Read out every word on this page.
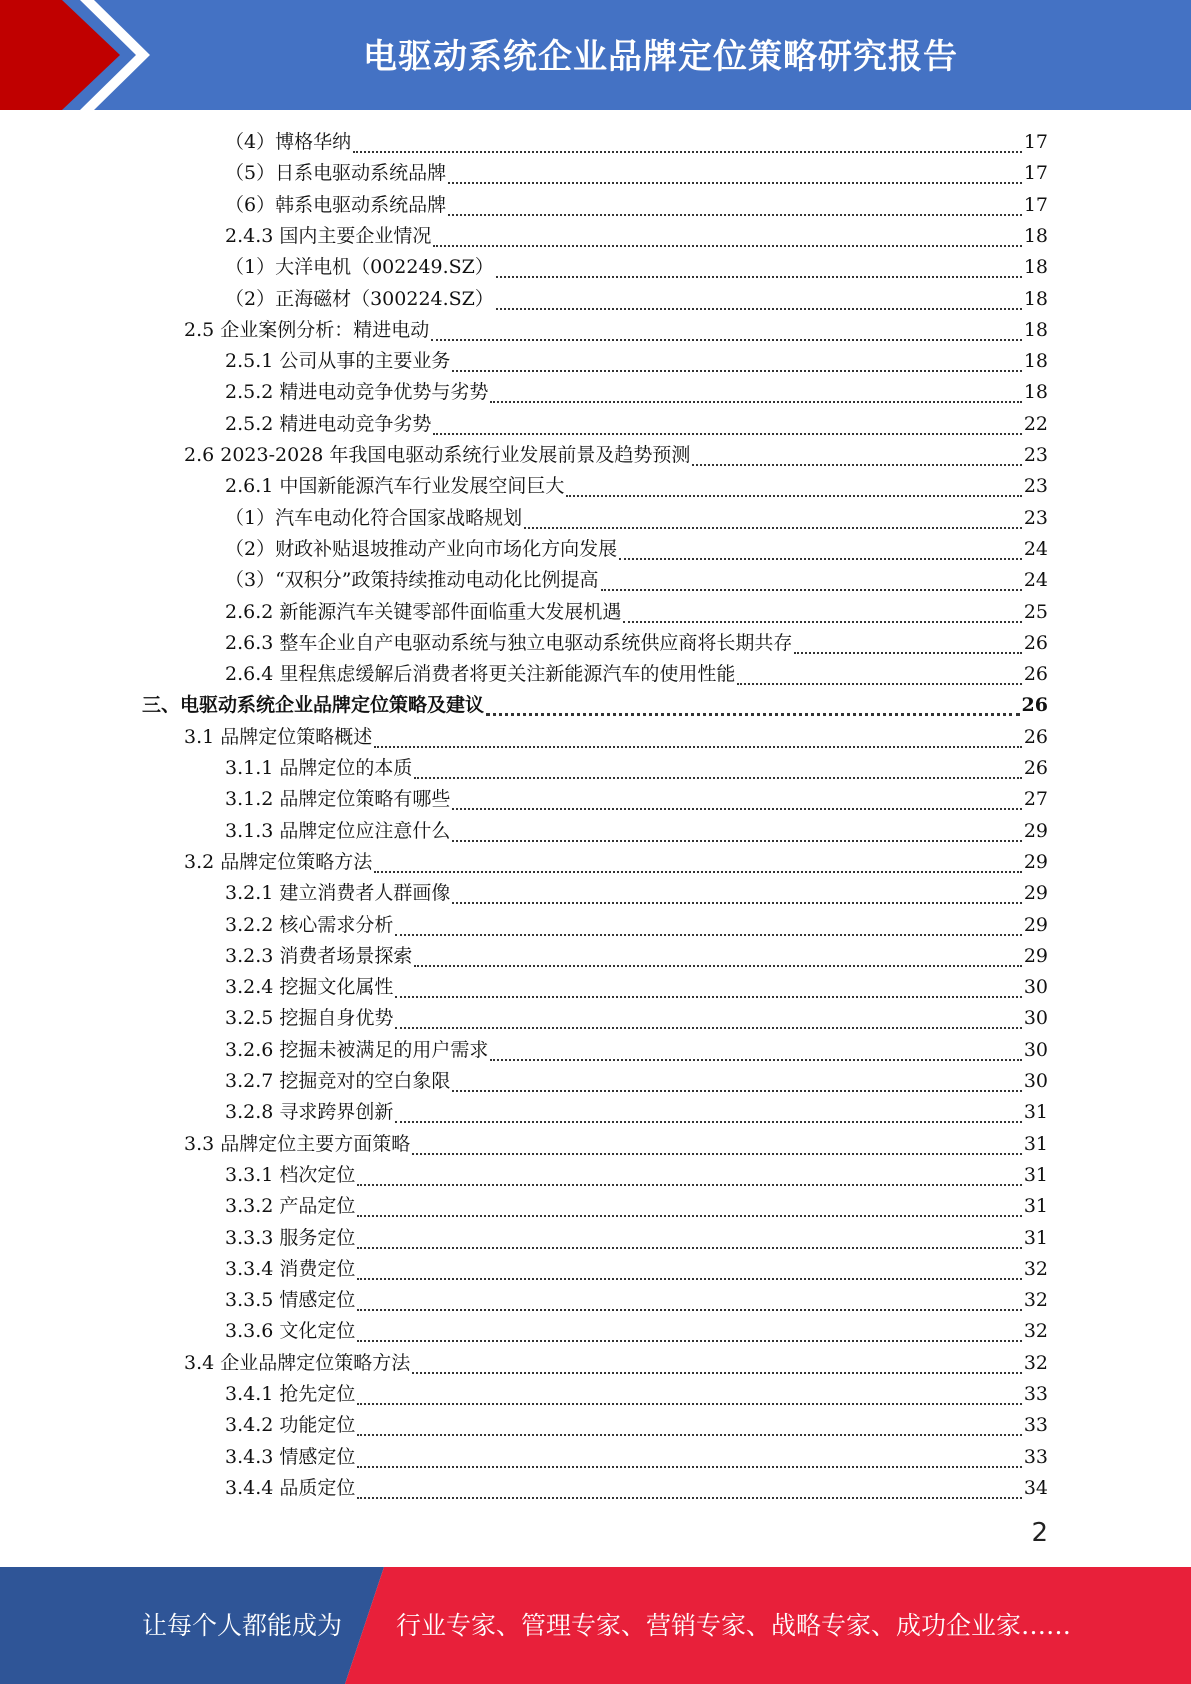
电驱动系统企业品牌定位策略研究报告
（4）博格华纳	17
（5）日系电驱动系统品牌	17
（6）韩系电驱动系统品牌	17
2.4.3 国内主要企业情况	18
（1）大洋电机（002249.SZ）	18
（2）正海磁材（300224.SZ）	18
2.5 企业案例分析：精进电动	18
2.5.1 公司从事的主要业务	18
2.5.2 精进电动竞争优势与劣势	18
2.5.2 精进电动竞争劣势	22
2.6 2023-2028 年我国电驱动系统行业发展前景及趋势预测	23
2.6.1 中国新能源汽车行业发展空间巨大	23
（1）汽车电动化符合国家战略规划	23
（2）财政补贴退坡推动产业向市场化方向发展	24
（3）“双积分”政策持续推动电动化比例提高	24
2.6.2 新能源汽车关键零部件面临重大发展机遇	25
2.6.3 整车企业自产电驱动系统与独立电驱动系统供应商将长期共存	26
2.6.4 里程焦虑缓解后消费者将更关注新能源汽车的使用性能	26
三、电驱动系统企业品牌定位策略及建议	26
3.1 品牌定位策略概述	26
3.1.1 品牌定位的本质	26
3.1.2 品牌定位策略有哪些	27
3.1.3 品牌定位应注意什么	29
3.2 品牌定位策略方法	29
3.2.1 建立消费者人群画像	29
3.2.2 核心需求分析	29
3.2.3 消费者场景探索	29
3.2.4 挖掘文化属性	30
3.2.5 挖掘自身优势	30
3.2.6 挖掘未被满足的用户需求	30
3.2.7 挖掘竞对的空白象限	30
3.2.8 寻求跨界创新	31
3.3 品牌定位主要方面策略	31
3.3.1 档次定位	31
3.3.2 产品定位	31
3.3.3 服务定位	31
3.3.4 消费定位	32
3.3.5 情感定位	32
3.3.6 文化定位	32
3.4 企业品牌定位策略方法	32
3.4.1 抢先定位	33
3.4.2 功能定位	33
3.4.3 情感定位	33
3.4.4 品质定位	34
2
让每个人都能成为 行业专家、管理专家、营销专家、战略专家、成功企业家……
